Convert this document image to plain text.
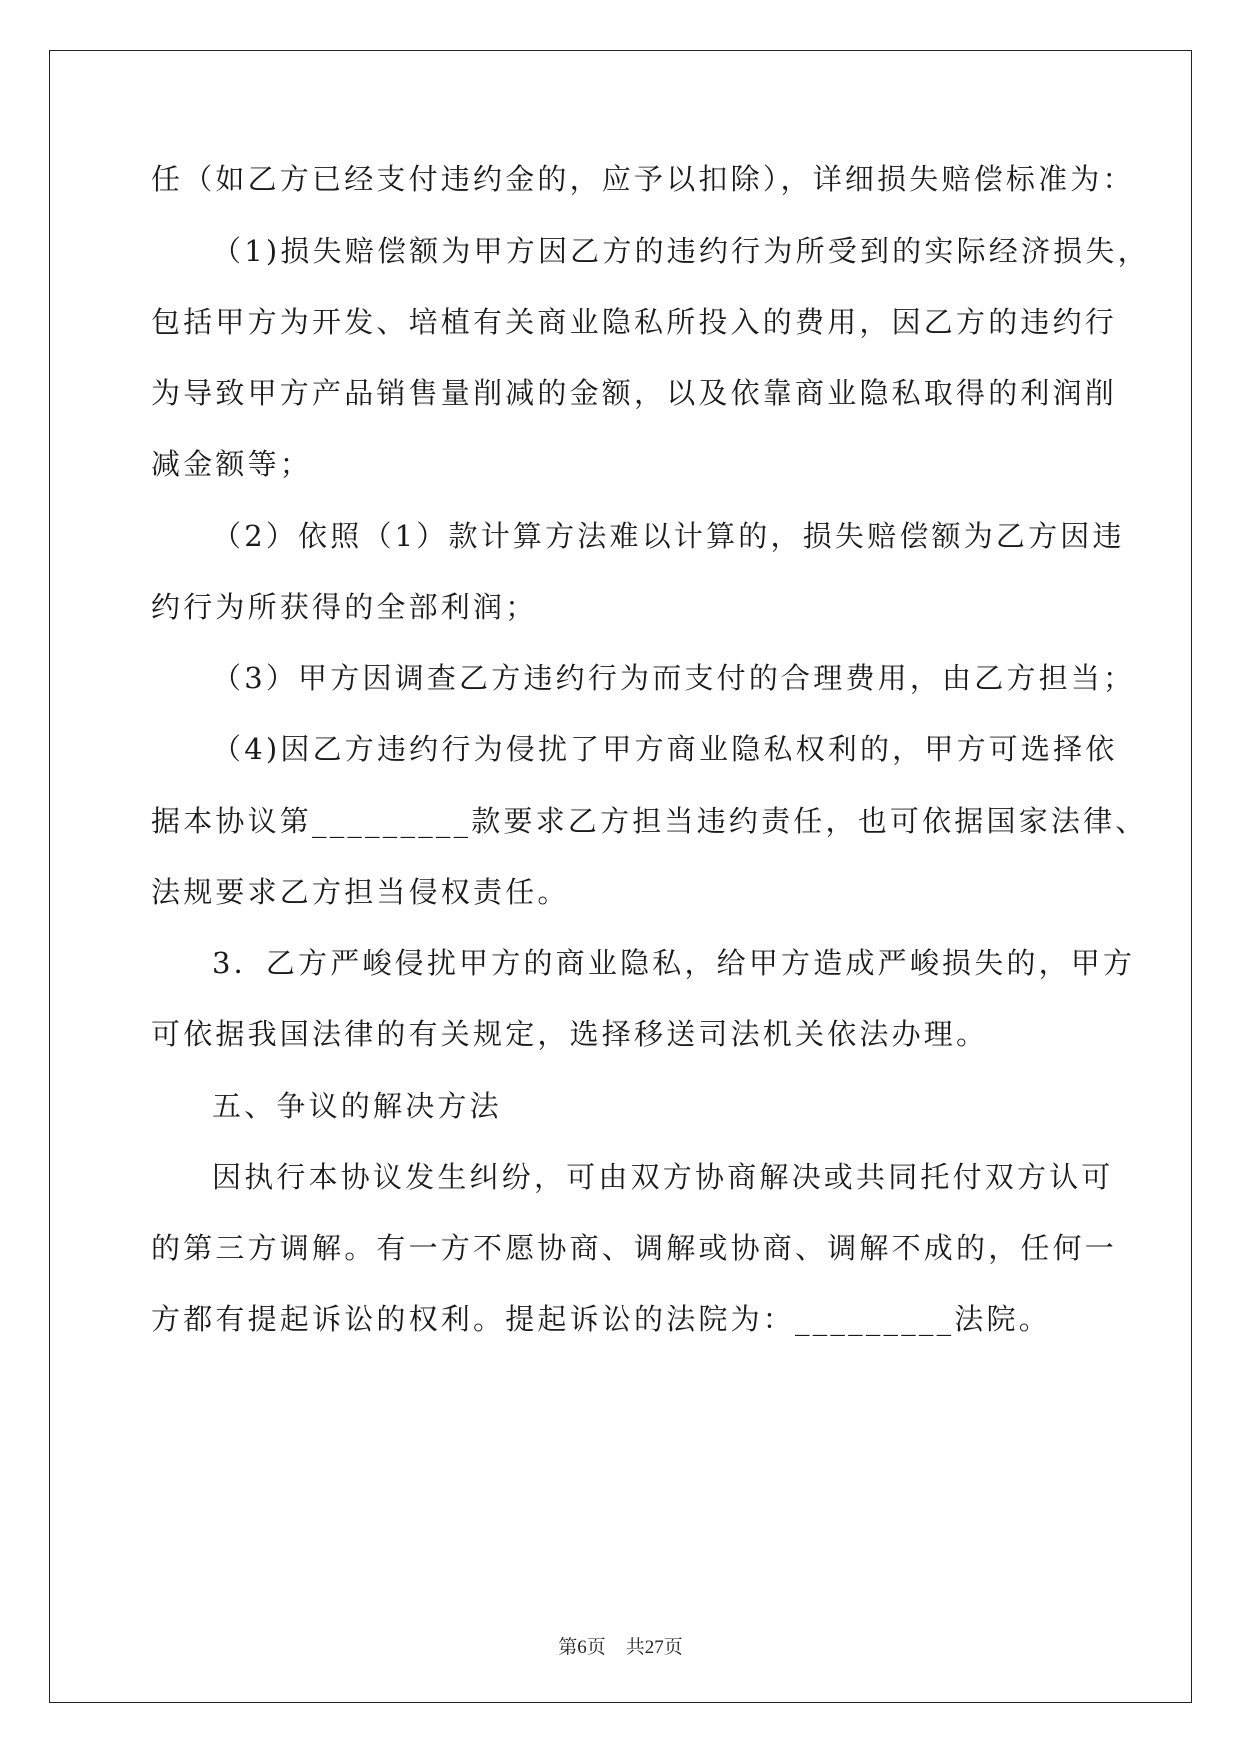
任（如乙方已经支付违约金的，应予以扣除），详细损失赔偿标准为：
（1)损失赔偿额为甲方因乙方的违约行为所受到的实际经济损失，
包括甲方为开发、培植有关商业隐私所投入的费用，因乙方的违约行
为导致甲方产品销售量削减的金额，以及依靠商业隐私取得的利润削
减金额等；
（2）依照（1）款计算方法难以计算的，损失赔偿额为乙方因违
约行为所获得的全部利润；
（3）甲方因调查乙方违约行为而支付的合理费用，由乙方担当；
（4)因乙方违约行为侵扰了甲方商业隐私权利的，甲方可选择依
据本协议第_________款要求乙方担当违约责任，也可依据国家法律、
法规要求乙方担当侵权责任。
3．乙方严峻侵扰甲方的商业隐私，给甲方造成严峻损失的，甲方
可依据我国法律的有关规定，选择移送司法机关依法办理。
五、争议的解决方法
因执行本协议发生纠纷，可由双方协商解决或共同托付双方认可
的第三方调解。有一方不愿协商、调解或协商、调解不成的，任何一
方都有提起诉讼的权利。提起诉讼的法院为：_________法院。
第6页 共27页
